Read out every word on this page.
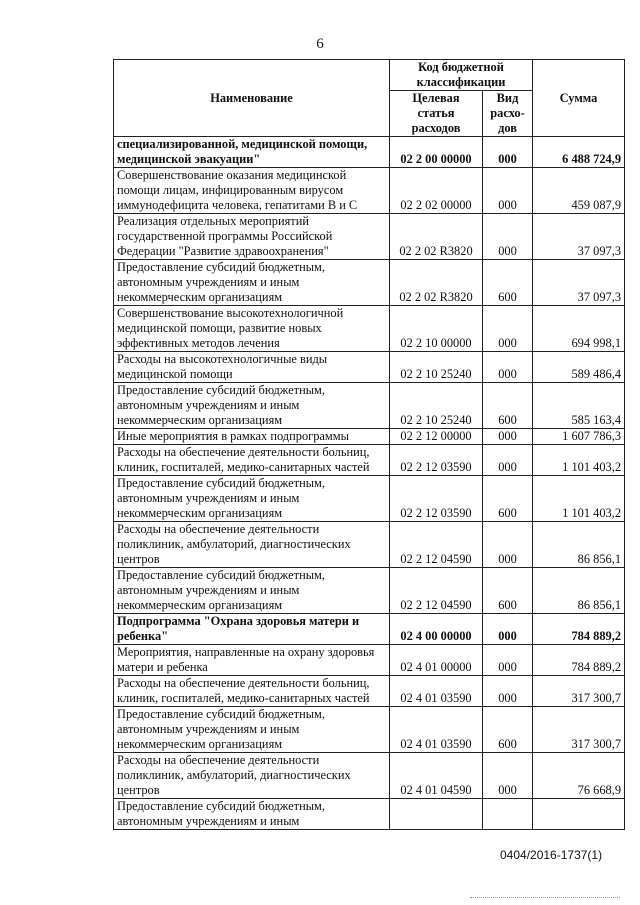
6
Наименование	Код бюджетной классификации		Сумма
	Целевая статья расходов	Вид расхо- дов	
специализированной, медицинской помощи, медицинской эвакуации"	02 2 00 00000	000	6 488 724,9
Совершенствование оказания медицинской помощи лицам, инфицированным вирусом иммунодефицита человека, гепатитами B и C	02 2 02 00000	000	459 087,9
Реализация отдельных мероприятий государственной программы Российской Федерации "Развитие здравоохранения"	02 2 02 R3820	000	37 097,3
Предоставление субсидий бюджетным, автономным учреждениям и иным некоммерческим организациям	02 2 02 R3820	600	37 097,3
Совершенствование высокотехнологичной медицинской помощи, развитие новых эффективных методов лечения	02 2 10 00000	000	694 998,1
Расходы на высокотехнологичные виды медицинской помощи	02 2 10 25240	000	589 486,4
Предоставление субсидий бюджетным, автономным учреждениям и иным некоммерческим организациям	02 2 10 25240	600	585 163,4
Иные мероприятия в рамках подпрограммы	02 2 12 00000	000	1 607 786,3
Расходы на обеспечение деятельности больниц, клиник, госпиталей, медико-санитарных частей	02 2 12 03590	000	1 101 403,2
Предоставление субсидий бюджетным, автономным учреждениям и иным некоммерческим организациям	02 2 12 03590	600	1 101 403,2
Расходы на обеспечение деятельности поликлиник, амбулаторий, диагностических центров	02 2 12 04590	000	86 856,1
Предоставление субсидий бюджетным, автономным учреждениям и иным некоммерческим организациям	02 2 12 04590	600	86 856,1
Подпрограмма "Охрана здоровья матери и ребенка"	02 4 00 00000	000	784 889,2
Мероприятия, направленные на охрану здоровья матери и ребенка	02 4 01 00000	000	784 889,2
Расходы на обеспечение деятельности больниц, клиник, госпиталей, медико-санитарных частей	02 4 01 03590	000	317 300,7
Предоставление субсидий бюджетным, автономным учреждениям и иным некоммерческим организациям	02 4 01 03590	600	317 300,7
Расходы на обеспечение деятельности поликлиник, амбулаторий, диагностических центров	02 4 01 04590	000	76 668,9
Предоставление субсидий бюджетным, автономным учреждениям и иным			
0404/2016-1737(1)
